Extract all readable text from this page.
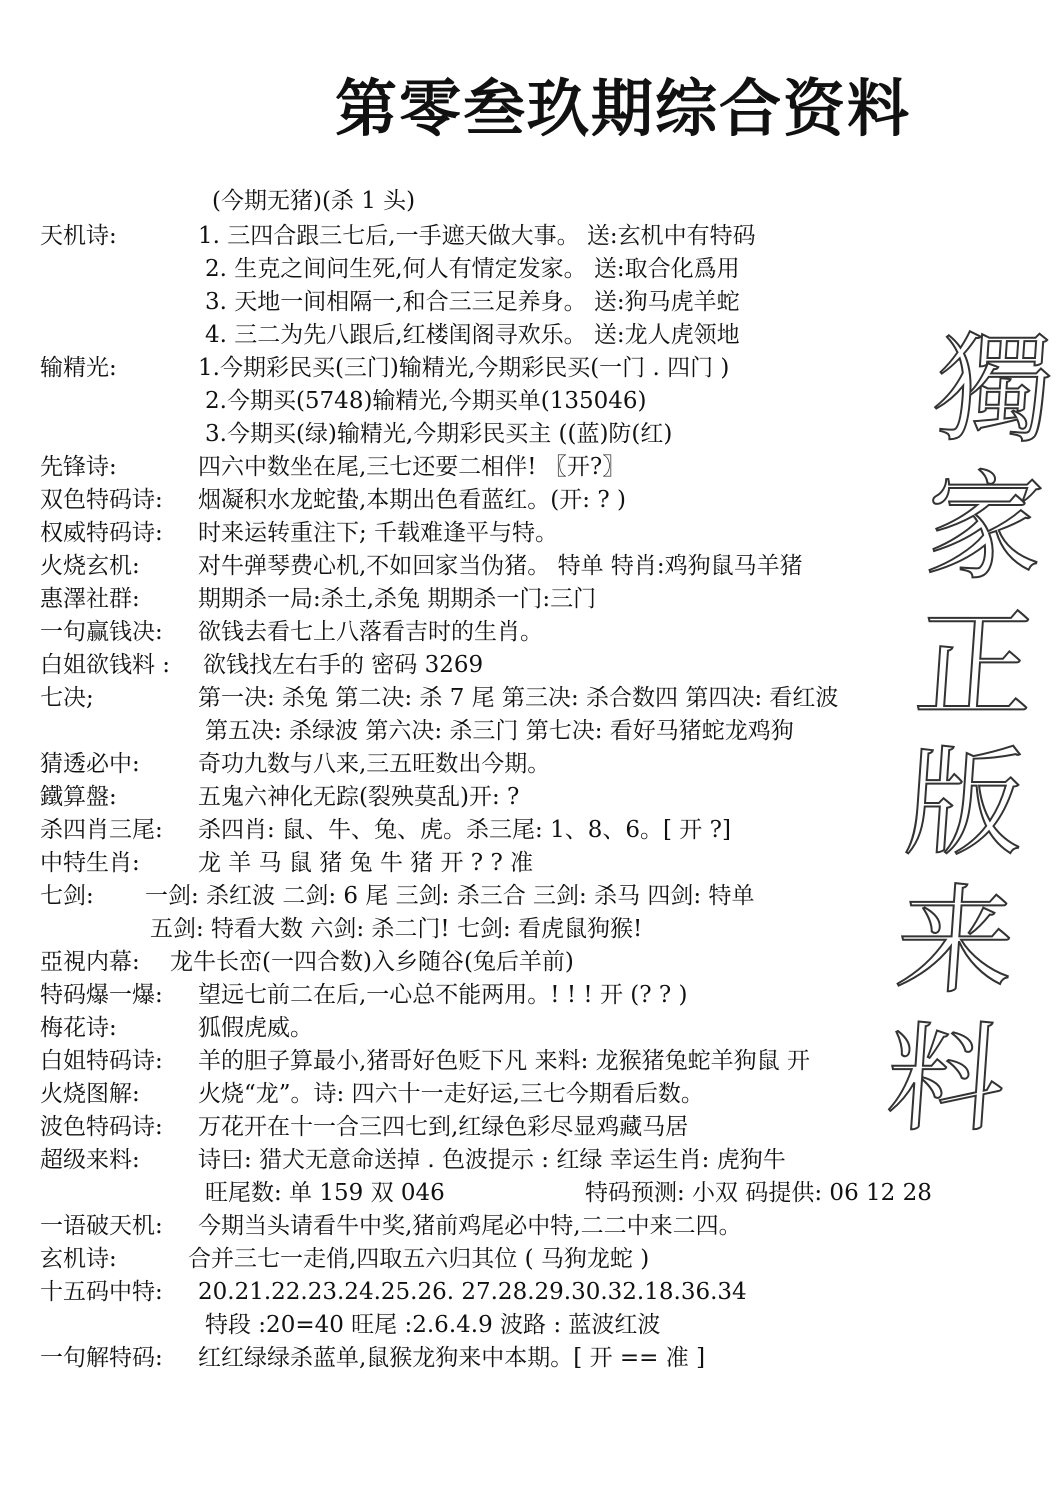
第零叁玖期综合资料
獨
家
正
版
来
料
(今期无猪)(杀 1 头)
天机诗:	1. 三四合跟三七后,一手遮天做大事。 送:玄机中有特码
2. 生克之间问生死,何人有情定发家。 送:取合化爲用
3. 天地一间相隔一,和合三三足养身。 送:狗马虎羊蛇
4. 三二为先八跟后,红楼闺阁寻欢乐。 送:龙人虎领地
输精光:	1.今期彩民买(三门)输精光,今期彩民买(一门 . 四门 )
2.今期买(5748)输精光,今期买单(135046)
3.今期买(绿)输精光,今期彩民买主 ((蓝)防(红)
先锋诗:	四六中数坐在尾,三七还要二相伴! 〖开?〗
双色特码诗: 烟凝积水龙蛇蛰,本期出色看蓝红。(开: ? )
权威特码诗: 时来运转重注下; 千载难逢平与特。
火烧玄机:	对牛弹琴费心机,不如回家当伪猪。 特单 特肖:鸡狗鼠马羊猪
惠澤社群:	期期杀一局:杀土,杀兔 期期杀一门:三门
一句赢钱决: 欲钱去看七上八落看吉时的生肖。
白姐欲钱料 : 欲钱找左右手的 密码 3269
七决;	第一决: 杀兔 第二决: 杀 7 尾 第三决: 杀合数四 第四决: 看红波
第五决: 杀绿波 第六决: 杀三门 第七决: 看好马猪蛇龙鸡狗
猜透必中:	奇功九数与八来,三五旺数出今期。
鐵算盤:	五鬼六神化无踪(裂殃莫乱)开: ?
杀四肖三尾: 杀四肖: 鼠、牛、兔、虎。杀三尾: 1、8、6。[ 开 ?]
中特生肖:	龙 羊 马 鼠 猪 兔 牛 猪 开 ? ? 准
七剑: 一剑: 杀红波 二剑: 6 尾 三剑: 杀三合 三剑: 杀马 四剑: 特单
五剑: 特看大数 六剑: 杀二门! 七剑: 看虎鼠狗猴!
亞視内幕: 龙牛长峦(一四合数)入乡随谷(兔后羊前)
特码爆一爆: 望远七前二在后,一心总不能两用。! ! ! 开 (? ? )
梅花诗:	狐假虎威。
白姐特码诗: 羊的胆子算最小,猪哥好色贬下凡 来料: 龙猴猪兔蛇羊狗鼠 开
火烧图解:	火烧“龙”。诗: 四六十一走好运,三七今期看后数。
波色特码诗: 万花开在十一合三四七到,红绿色彩尽显鸡藏马居
超级来料:	诗曰: 猎犬无意命送掉 . 色波提示 : 红绿 幸运生肖: 虎狗牛
旺尾数: 单 159 双 046	特码预测: 小双 码提供: 06 12 28
一语破天机: 今期当头请看牛中奖,猪前鸡尾必中特,二二中来二四。
玄机诗:	合并三七一走俏,四取五六归其位 ( 马狗龙蛇 )
十五码中特: 20.21.22.23.24.25.26. 27.28.29.30.32.18.36.34
特段 :20=40 旺尾 :2.6.4.9 波路 : 蓝波红波
一句解特码: 红红绿绿杀蓝单,鼠猴龙狗来中本期。[ 开 == 准 ]
